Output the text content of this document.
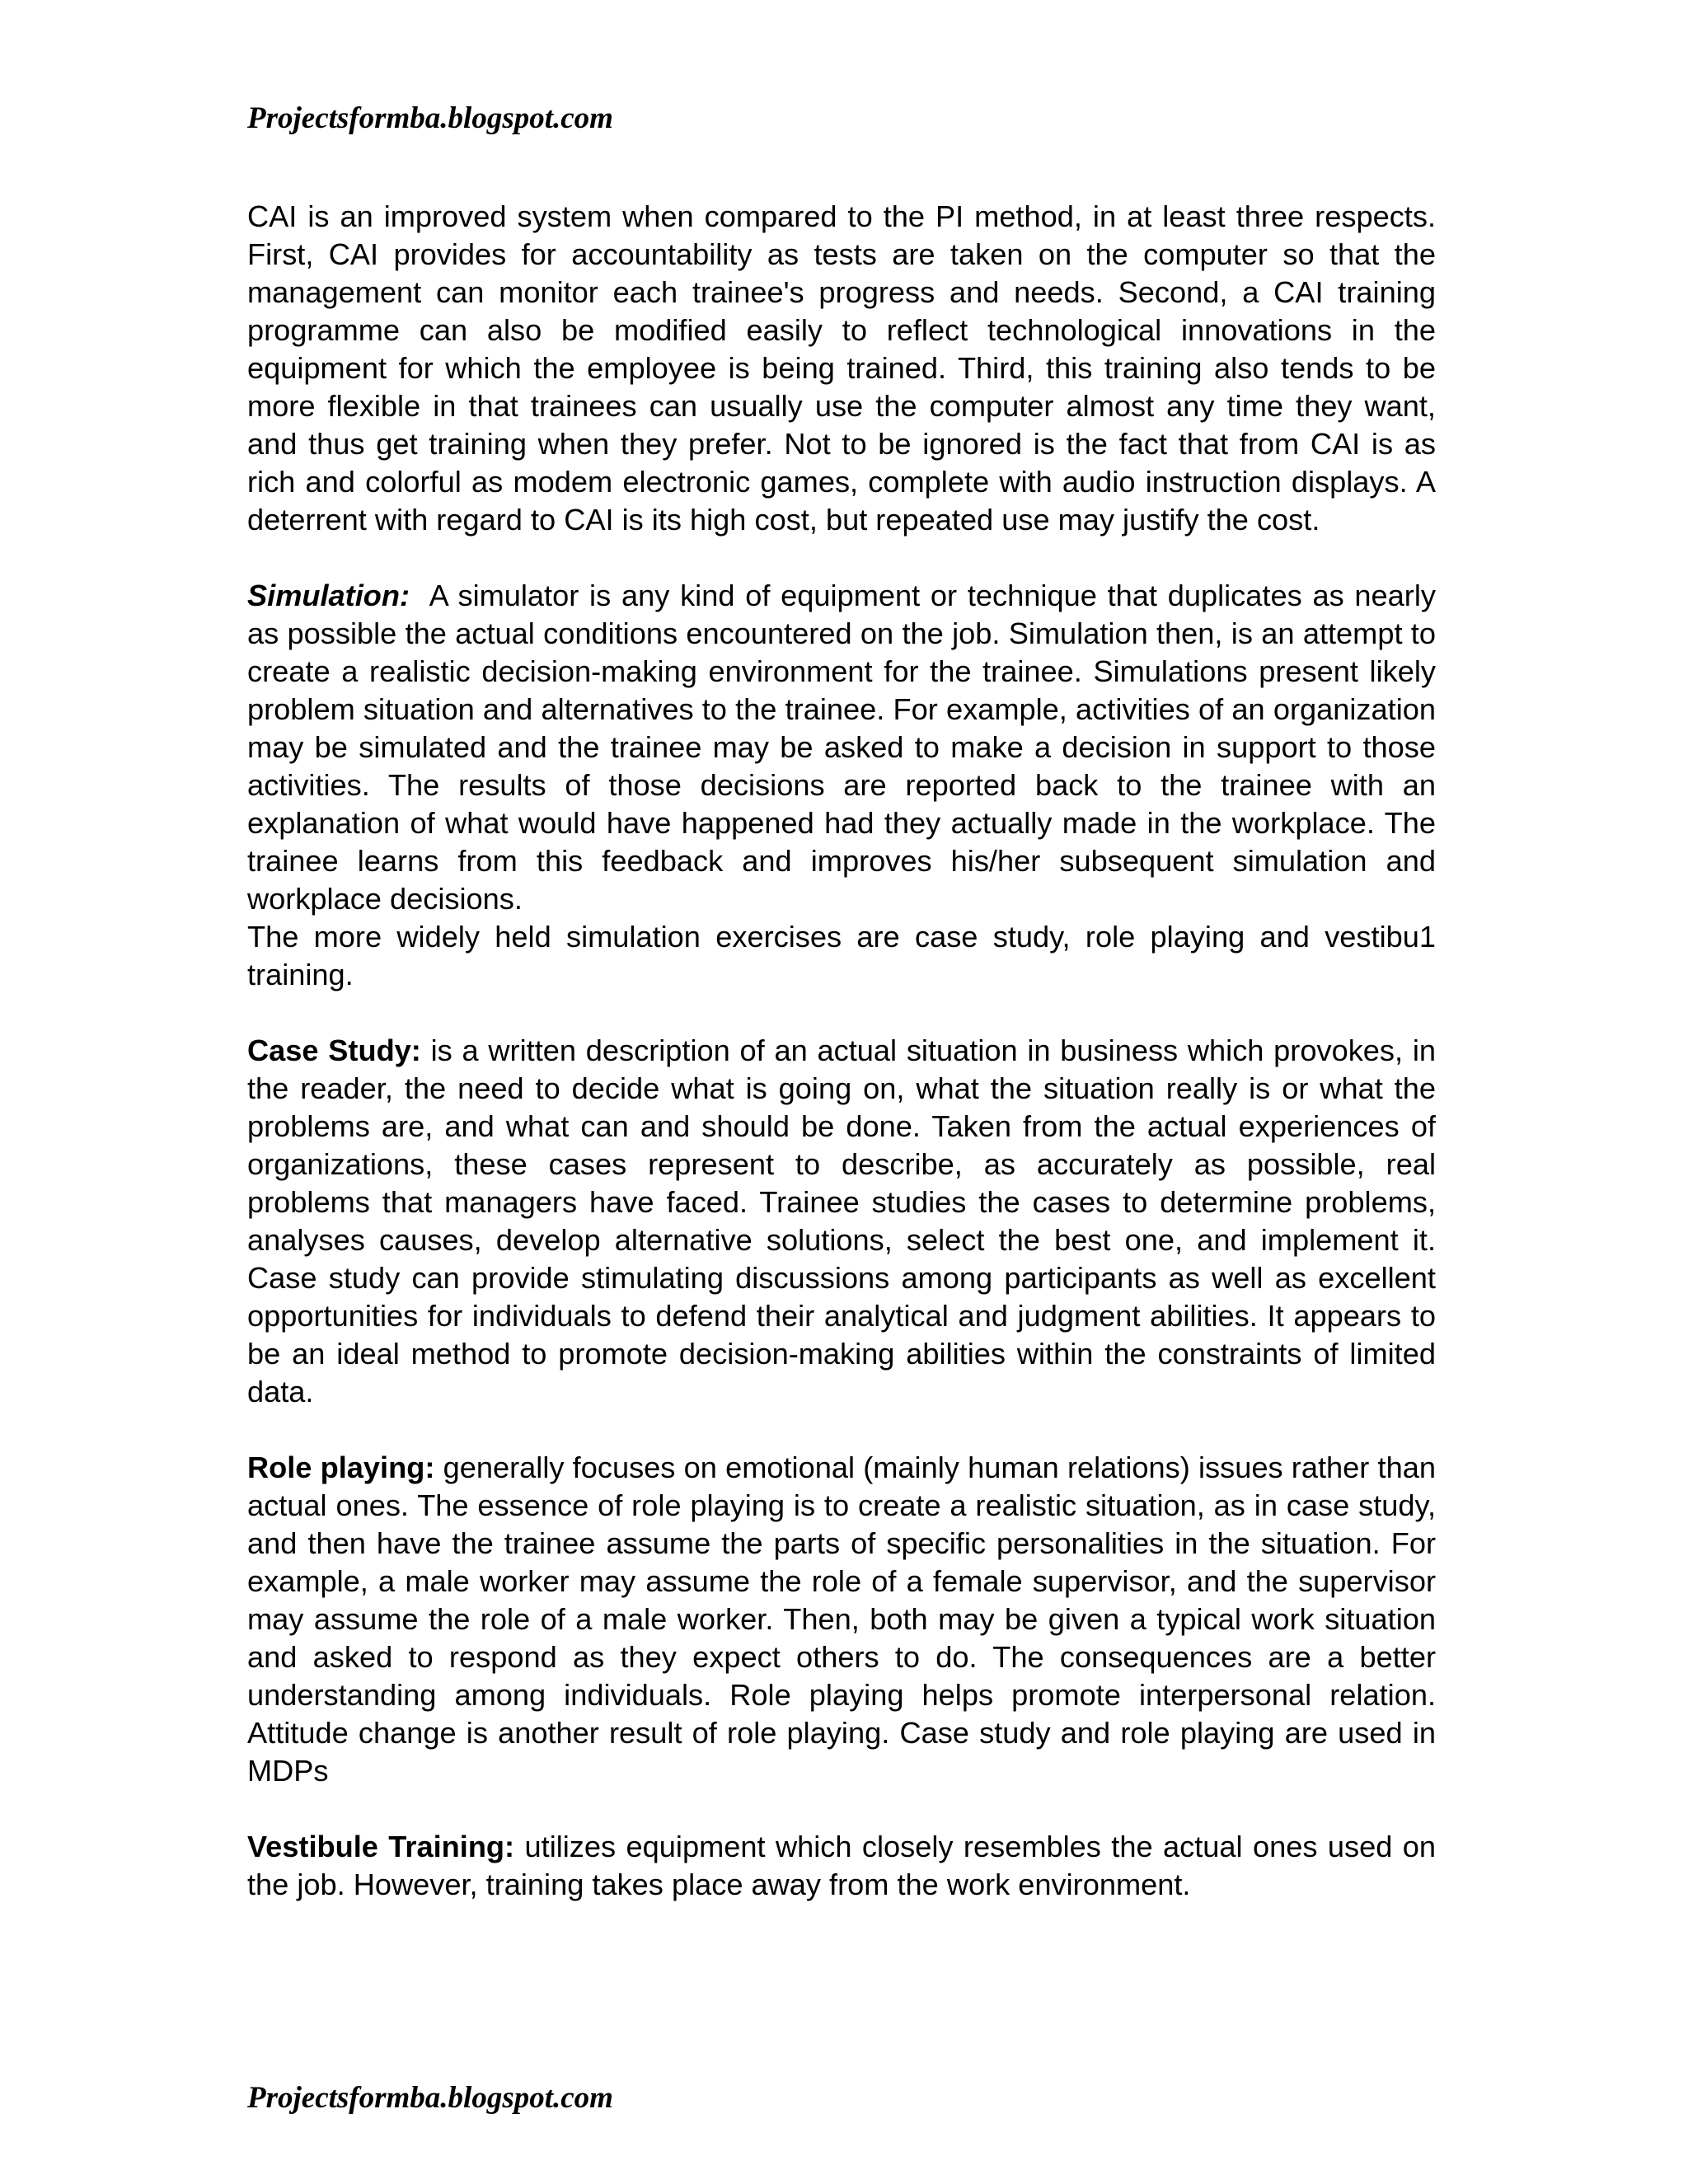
Projectsformba.blogspot.com

CAI is an improved system when compared to the PI method, in at least three respects. First, CAI provides for accountability as tests are taken on the computer so that the management can monitor each trainee's progress and needs. Second, a CAI training programme can also be modified easily to reflect technological innovations in the equipment for which the employee is being trained. Third, this training also tends to be more flexible in that trainees can usually use the computer almost any time they want, and thus get training when they prefer. Not to be ignored is the fact that from CAI is as rich and colorful as modem electronic games, complete with audio instruction displays. A deterrent with regard to CAI is its high cost, but repeated use may justify the cost.

Simulation:  A simulator is any kind of equipment or technique that duplicates as nearly as possible the actual conditions encountered on the job. Simulation then, is an attempt to create a realistic decision-making environment for the trainee. Simulations present likely problem situation and alternatives to the trainee. For example, activities of an organization may be simulated and the trainee may be asked to make a decision in support to those activities. The results of those decisions are reported back to the trainee with an explanation of what would have happened had they actually made in the workplace. The trainee learns from this feedback and improves his/her subsequent simulation and workplace decisions.

The more widely held simulation exercises are case study, role playing and vestibu1 training.

Case Study: is a written description of an actual situation in business which provokes, in the reader, the need to decide what is going on, what the situation really is or what the problems are, and what can and should be done. Taken from the actual experiences of organizations, these cases represent to describe, as accurately as possible, real problems that managers have faced. Trainee studies the cases to determine problems, analyses causes, develop alternative solutions, select the best one, and implement it. Case study can provide stimulating discussions among participants as well as excellent opportunities for individuals to defend their analytical and judgment abilities. It appears to be an ideal method to promote decision-making abilities within the constraints of limited data.

Role playing: generally focuses on emotional (mainly human relations) issues rather than actual ones. The essence of role playing is to create a realistic situation, as in case study, and then have the trainee assume the parts of specific personalities in the situation. For example, a male worker may assume the role of a female supervisor, and the supervisor may assume the role of a male worker. Then, both may be given a typical work situation and asked to respond as they expect others to do. The consequences are a better understanding among individuals. Role playing helps promote interpersonal relation. Attitude change is another result of role playing. Case study and role playing are used in MDPs

Vestibule Training: utilizes equipment which closely resembles the actual ones used on the job. However, training takes place away from the work environment.

Projectsformba.blogspot.com
